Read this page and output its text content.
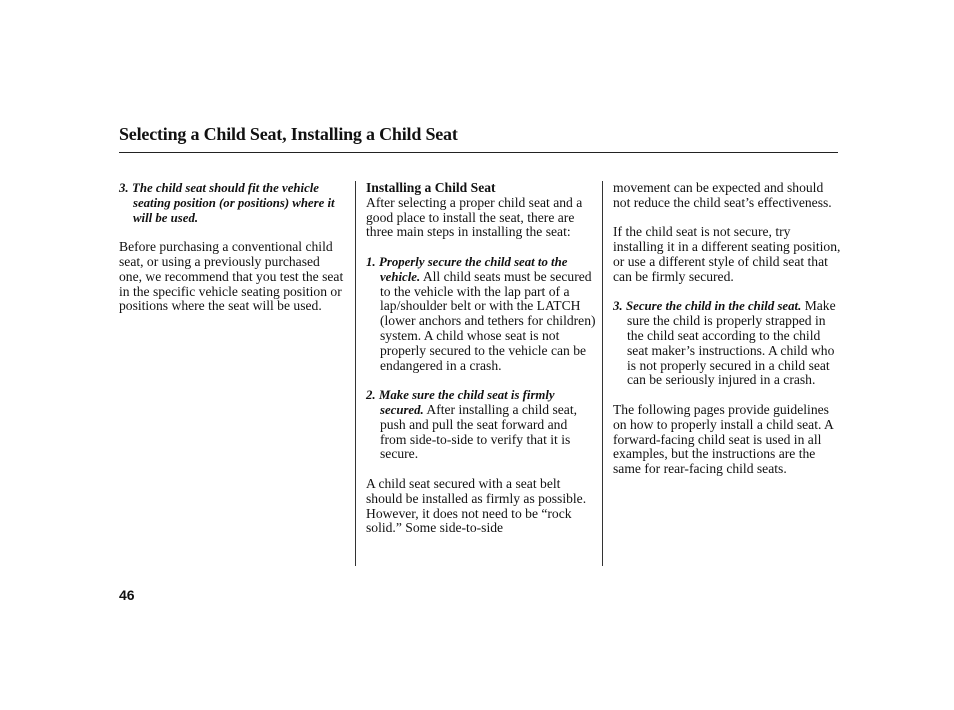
Selecting a Child Seat, Installing a Child Seat

3. The child seat should fit the vehicle seating position (or positions) where it will be used.

Before purchasing a conventional child seat, or using a previously purchased one, we recommend that you test the seat in the specific vehicle seating position or positions where the seat will be used.

Installing a Child Seat

After selecting a proper child seat and a good place to install the seat, there are three main steps in installing the seat:

1. Properly secure the child seat to the vehicle. All child seats must be secured to the vehicle with the lap part of a lap/shoulder belt or with the LATCH (lower anchors and tethers for children) system. A child whose seat is not properly secured to the vehicle can be endangered in a crash.

2. Make sure the child seat is firmly secured. After installing a child seat, push and pull the seat forward and from side-to-side to verify that it is secure.

A child seat secured with a seat belt should be installed as firmly as possible. However, it does not need to be “rock solid.” Some side-to-side

movement can be expected and should not reduce the child seat’s effectiveness.

If the child seat is not secure, try installing it in a different seating position, or use a different style of child seat that can be firmly secured.

3. Secure the child in the child seat. Make sure the child is properly strapped in the child seat according to the child seat maker’s instructions. A child who is not properly secured in a child seat can be seriously injured in a crash.

The following pages provide guidelines on how to properly install a child seat. A forward-facing child seat is used in all examples, but the instructions are the same for rear-facing child seats.

46
